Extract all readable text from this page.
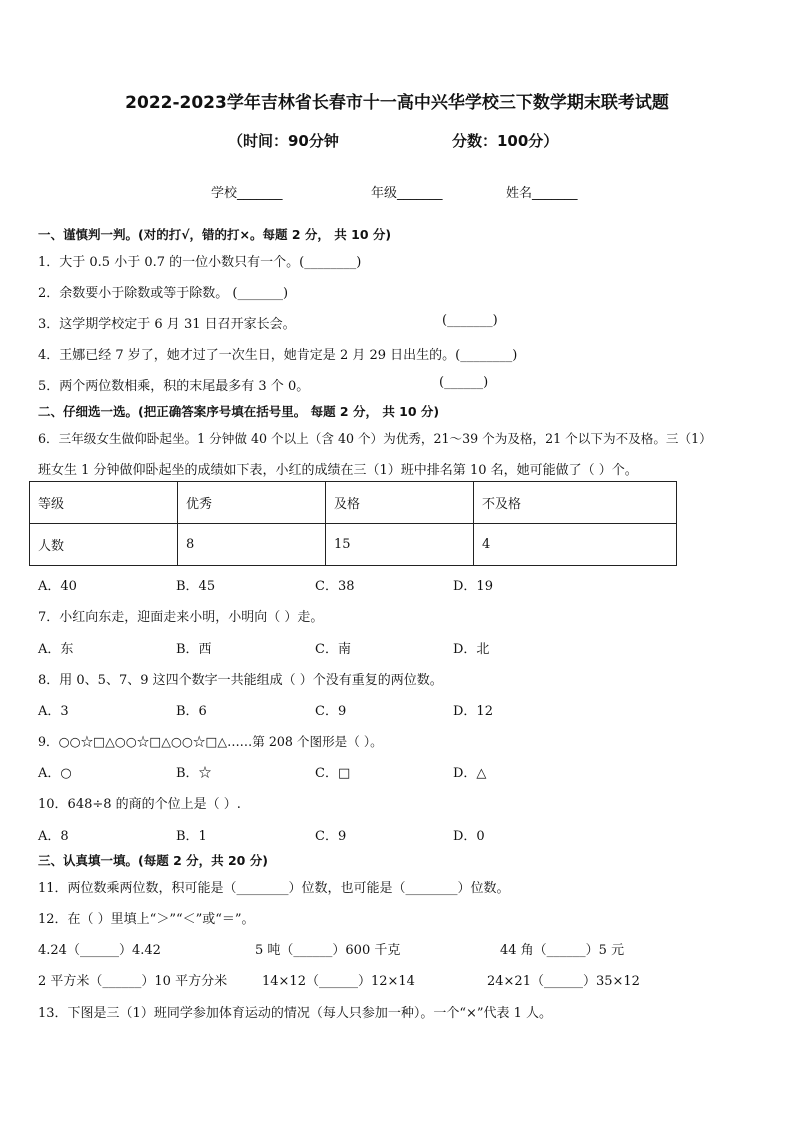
2022-2023学年吉林省长春市十一高中兴华学校三下数学期末联考试题
（时间：90分钟	分数：100分）
学校_______	年级_______	姓名_______
一、谨慎判一判。(对的打√，错的打×。每题 2 分， 共 10 分)
1．大于 0.5 小于 0.7 的一位小数只有一个。(________)
2．余数要小于除数或等于除数。 (_______)
3．这学期学校定于 6 月 31 日召开家长会。	(_______)
4．王娜已经 7 岁了，她才过了一次生日，她肯定是 2 月 29 日出生的。(________)
5．两个两位数相乘，积的末尾最多有 3 个 0。	(______)
二、仔细选一选。(把正确答案序号填在括号里。 每题 2 分， 共 10 分)
6．三年级女生做仰卧起坐。1 分钟做 40 个以上（含 40 个）为优秀，21～39 个为及格，21 个以下为不及格。三（1）
班女生 1 分钟做仰卧起坐的成绩如下表，小红的成绩在三（1）班中排名第 10 名，她可能做了（ ）个。
等级	优秀	及格	不及格
人数	8	15	4
A．40	B．45	C．38	D．19
7．小红向东走，迎面走来小明，小明向（ ）走。
A．东	B．西	C．南	D．北
8．用 0、5、7、9 这四个数字一共能组成（ ）个没有重复的两位数。
A．3	B．6	C．9	D．12
9．○○☆□△○○☆□△○○☆□△……第 208 个图形是（ ）。
A．○	B．☆	C．□	D．△
10．648÷8 的商的个位上是（ ）.
A．8	B．1	C．9	D．0
三、认真填一填。(每题 2 分，共 20 分)
11．两位数乘两位数，积可能是（________）位数，也可能是（________）位数。
12．在（ ）里填上“＞”“＜”或“＝”。
4.24（______）4.42	5 吨（______）600 千克	44 角（______）5 元
2 平方米（______）10 平方分米	14×12（______）12×14	24×21（______）35×12
13．下图是三（1）班同学参加体育运动的情况（每人只参加一种）。一个“×”代表 1 人。
